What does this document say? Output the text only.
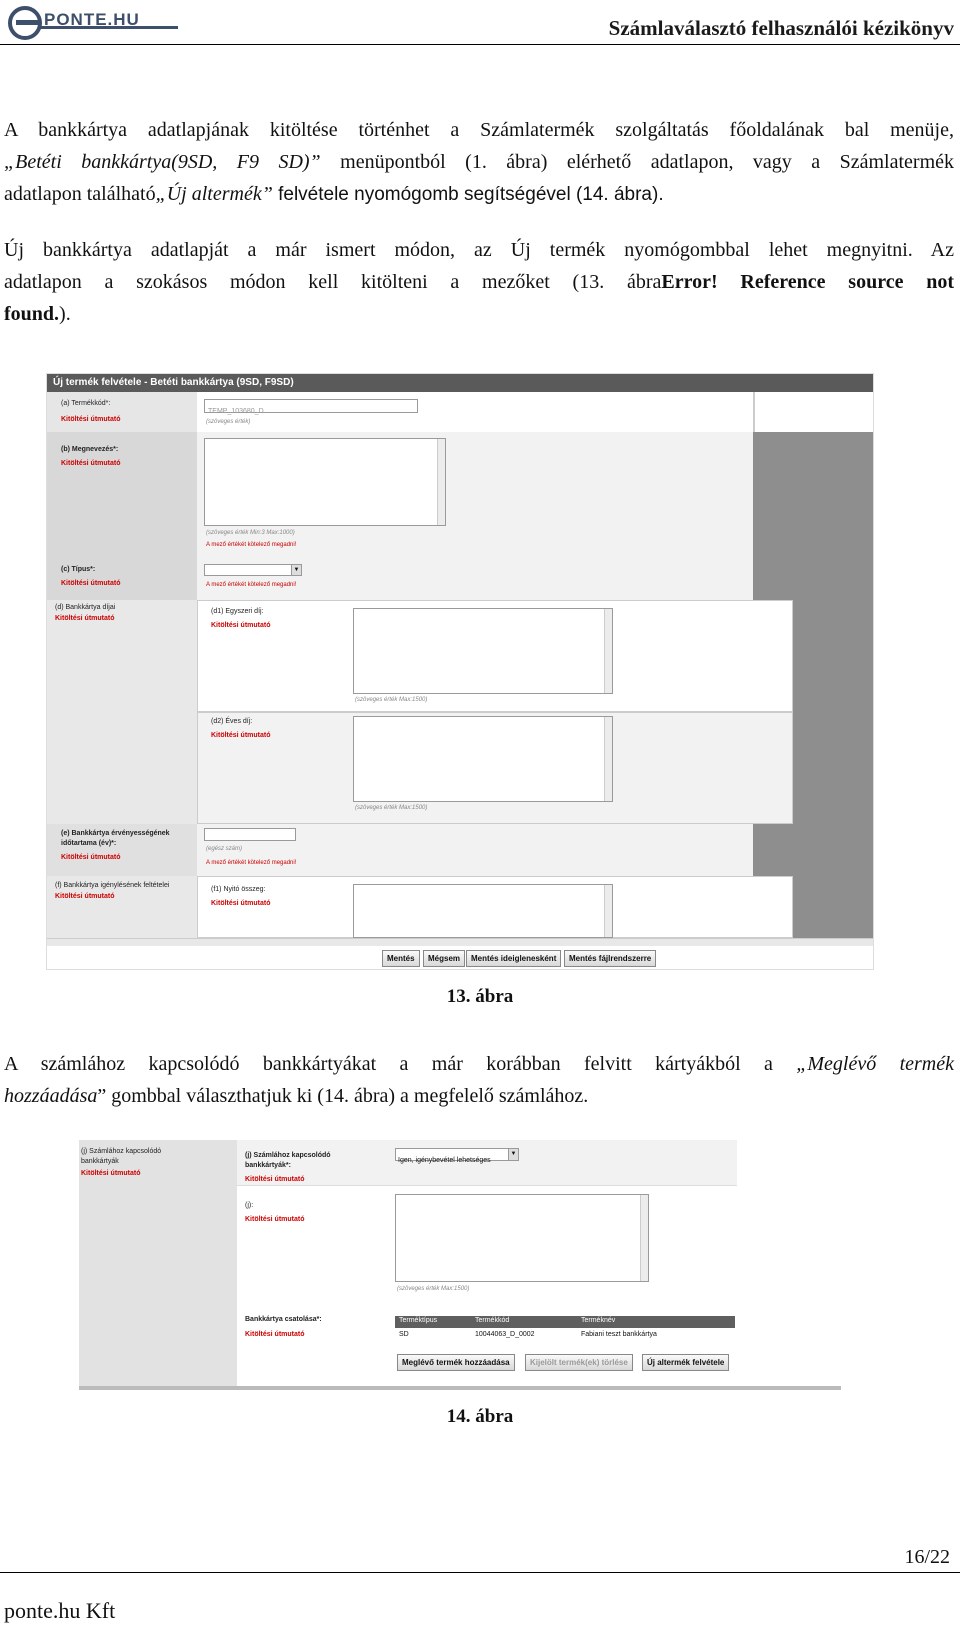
PONTE.HU	Számlaválasztó felhasználói kézikönyv
A bankkártya adatlapjának kitöltése történhet a Számlatermék szolgáltatás főoldalának bal menüje,
„Betéti bankkártya(9SD, F9 SD)” menüpontból (1. ábra) elérhető adatlapon, vagy a Számlatermék
adatlapon található„Új altermék” felvétele nyomógomb segítségével (14. ábra).
Új bankkártya adatlapját a már ismert módon, az Új termék nyomógombbal lehet megnyitni. Az
adatlapon a szokásos módon kell kitölteni a mezőket (13. ábraError! Reference source not
found.).
Új termék felvétele - Betéti bankkártya (9SD, F9SD)
(a) Termékkód*:
Kitöltési útmutató
TEMP_103680_D
(szöveges érték)
(b) Megnevezés*:
Kitöltési útmutató
(szöveges érték Min:3 Max:1000)
A mező értékét kötelező megadni!
(c) Típus*:
Kitöltési útmutató
▼
A mező értékét kötelező megadni!
(d) Bankkártya díjai
Kitöltési útmutató
(d1) Egyszeri díj:
Kitöltési útmutató
(szöveges érték Max:1500)
(d2) Éves díj:
Kitöltési útmutató
(szöveges érték Max:1500)
(e) Bankkártya érvényességének
időtartama (év)*:
Kitöltési útmutató
(egész szám)
A mező értékét kötelező megadni!
(f) Bankkártya igénylésének feltételei
Kitöltési útmutató
(f1) Nyitó összeg:
Kitöltési útmutató
Mentés	Mégsem	Mentés ideiglenesként	Mentés fájlrendszerre
13. ábra
A számlához kapcsolódó bankkártyákat a már korábban felvitt kártyákból a „Meglévő termék
hozzáadása” gombbal választhatjuk ki (14. ábra) a megfelelő számlához.
(j) Számlához kapcsolódó
bankkártyák
Kitöltési útmutató
(j) Számlához kapcsolódó
bankkártyák*:
Kitöltési útmutató
Igen, igénybevétel lehetséges
▼
(j):
Kitöltési útmutató
(szöveges érték Max:1500)
Bankkártya csatolása*:
Kitöltési útmutató
Terméktípus	Termékkód	Terméknév
SD	10044063_D_0002	Fabiani teszt bankkártya
Meglévő termék hozzáadása	Kijelölt termék(ek) törlése	Új altermék felvétele
14. ábra
16/22
ponte.hu Kft
